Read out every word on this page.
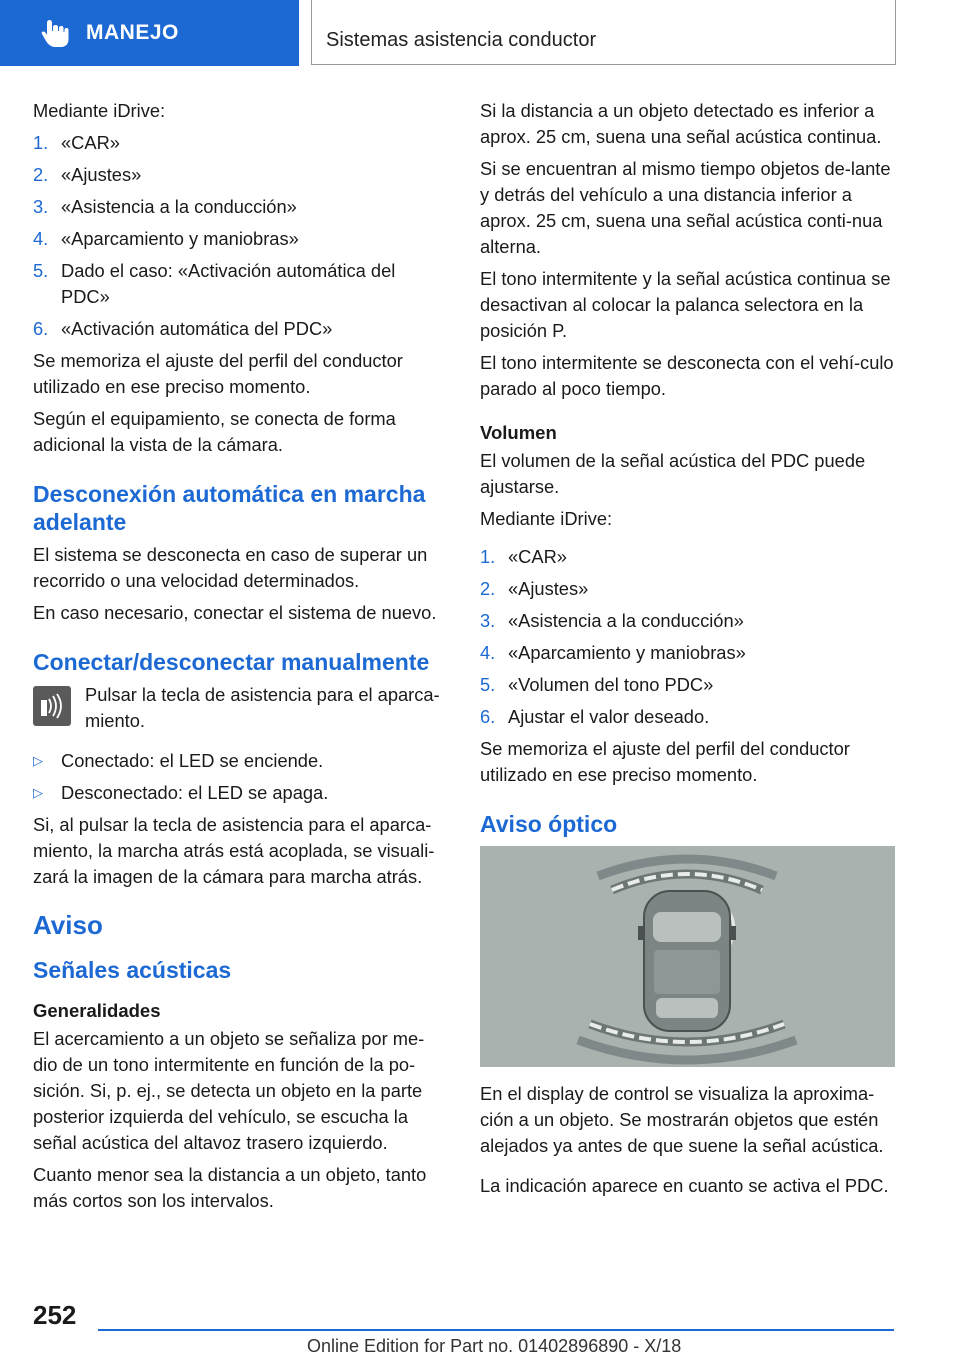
MANEJO	Sistemas asistencia conductor

Mediante iDrive:

1. «CAR»
2. «Ajustes»
3. «Asistencia a la conducción»
4. «Aparcamiento y maniobras»
5. Dado el caso: «Activación automática del PDC»
6. «Activación automática del PDC»

Se memoriza el ajuste del perfil del conductor utilizado en ese preciso momento.

Según el equipamiento, se conecta de forma adicional la vista de la cámara.

Desconexión automática en marcha adelante

El sistema se desconecta en caso de superar un recorrido o una velocidad determinados.

En caso necesario, conectar el sistema de nuevo.

Conectar/desconectar manualmente
Pulsar la tecla de asistencia para el aparca-miento.
▷ Conectado: el LED se enciende.
▷ Desconectado: el LED se apaga.

Si, al pulsar la tecla de asistencia para el aparca-miento, la marcha atrás está acoplada, se visuali-zará la imagen de la cámara para marcha atrás.

Aviso
Señales acústicas
Generalidades

El acercamiento a un objeto se señaliza por me-dio de un tono intermitente en función de la po-sición. Si, p. ej., se detecta un objeto en la parte posterior izquierda del vehículo, se escucha la señal acústica del altavoz trasero izquierdo.

Cuanto menor sea la distancia a un objeto, tanto más cortos son los intervalos.

Si la distancia a un objeto detectado es inferior a aprox. 25 cm, suena una señal acústica continua.

Si se encuentran al mismo tiempo objetos de-lante y detrás del vehículo a una distancia inferior a aprox. 25 cm, suena una señal acústica conti-nua alterna.

El tono intermitente y la señal acústica continua se desactivan al colocar la palanca selectora en la posición P.

El tono intermitente se desconecta con el vehí-culo parado al poco tiempo.

Volumen

El volumen de la señal acústica del PDC puede ajustarse.

Mediante iDrive:

1. «CAR»
2. «Ajustes»
3. «Asistencia a la conducción»
4. «Aparcamiento y maniobras»
5. «Volumen del tono PDC»
6. Ajustar el valor deseado.

Se memoriza el ajuste del perfil del conductor utilizado en ese preciso momento.

Aviso óptico

En el display de control se visualiza la aproxima-ción a un objeto. Se mostrarán objetos que estén alejados ya antes de que suene la señal acústica.

La indicación aparece en cuanto se activa el PDC.

252
Online Edition for Part no. 01402896890 - X/18
